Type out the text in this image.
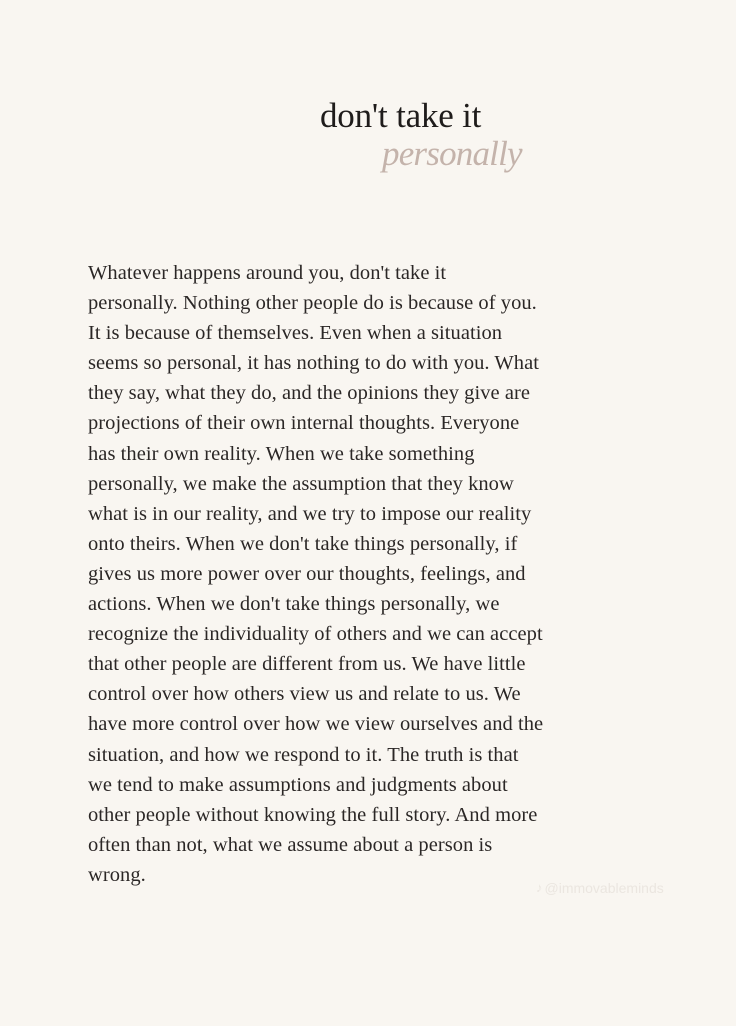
don't take it
personally
Whatever happens around you, don't take it
personally. Nothing other people do is because of you.
It is because of themselves. Even when a situation
seems so personal, it has nothing to do with you. What
they say, what they do, and the opinions they give are
projections of their own internal thoughts. Everyone
has their own reality. When we take something
personally, we make the assumption that they know
what is in our reality, and we try to impose our reality
onto theirs. When we don't take things personally, if
gives us more power over our thoughts, feelings, and
actions. When we don't take things personally, we
recognize the individuality of others and we can accept
that other people are different from us. We have little
control over how others view us and relate to us. We
have more control over how we view ourselves and the
situation, and how we respond to it. The truth is that
we tend to make assumptions and judgments about
other people without knowing the full story. And more
often than not, what we assume about a person is
wrong.
♪ @immovableminds
